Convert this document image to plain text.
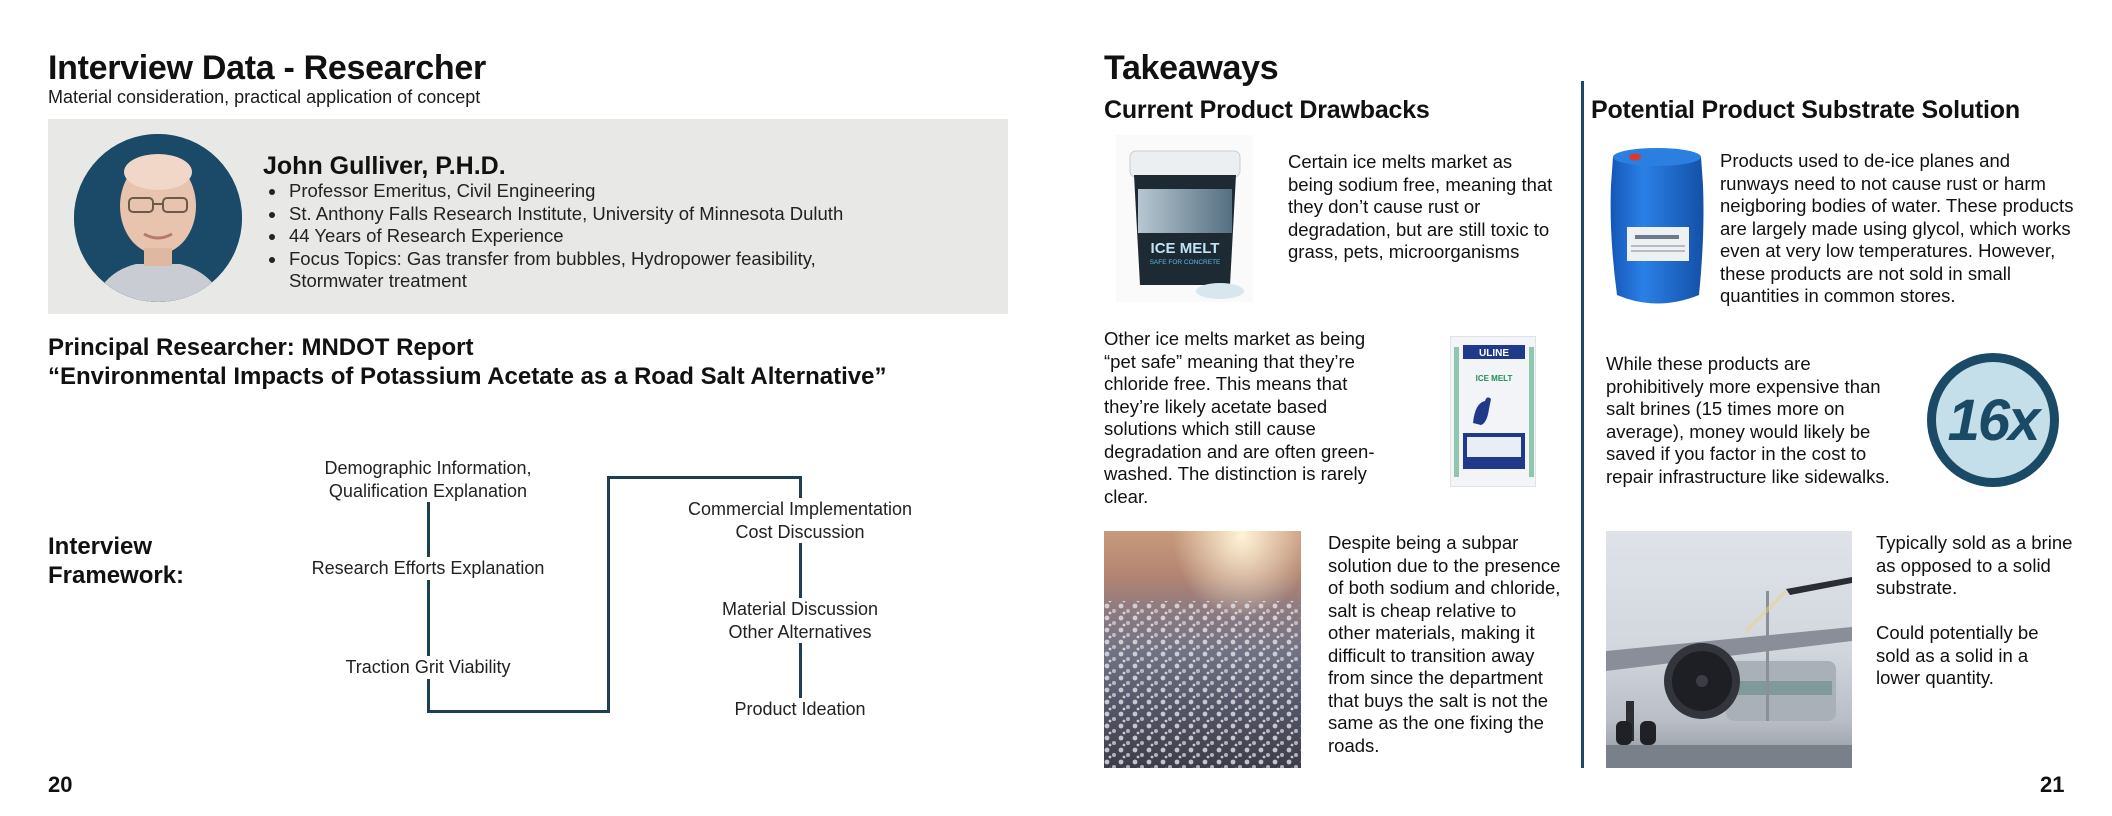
Interview Data - Researcher
Material consideration, practical application of concept
John Gulliver, P.H.D.
• Professor Emeritus, Civil Engineering
• St. Anthony Falls Research Institute, University of Minnesota Duluth
• 44 Years of Research Experience
• Focus Topics: Gas transfer from bubbles, Hydropower feasibility, Stormwater treatment
Principal Researcher: MNDOT Report
“Environmental Impacts of Potassium Acetate as a Road Salt Alternative”
Interview
Framework:
Demographic Information,
Qualification Explanation
Research Efforts Explanation
Traction Grit Viability
Commercial Implementation
Cost Discussion
Material Discussion
Other Alternatives
Product Ideation
20
Takeaways
Current Product Drawbacks
ICE MELT
SAFE FOR CONCRETE
Certain ice melts market as being sodium free, meaning that they don’t cause rust or degradation, but are still toxic to grass, pets, microorganisms
Other ice melts market as being “pet safe” meaning that they’re chloride free. This means that they’re likely acetate based solutions which still cause degradation and are often green-washed. The distinction is rarely clear.
ULINE
ICE MELT
Despite being a subpar solution due to the presence of both sodium and chloride, salt is cheap relative to other materials, making it difficult to transition away from since the department that buys the salt is not the same as the one fixing the roads.
Potential Product Substrate Solution
Products used to de-ice planes and runways need to not cause rust or harm neigboring bodies of water. These products are largely made using glycol, which works even at very low temperatures. However, these products are not sold in small quantities in common stores.
While these products are prohibitively more expensive than salt brines (15 times more on average), money would likely be saved if you factor in the cost to repair infrastructure like sidewalks.
16x
Typically sold as a brine as opposed to a solid substrate.
Could potentially be sold as a solid in a lower quantity.
21
